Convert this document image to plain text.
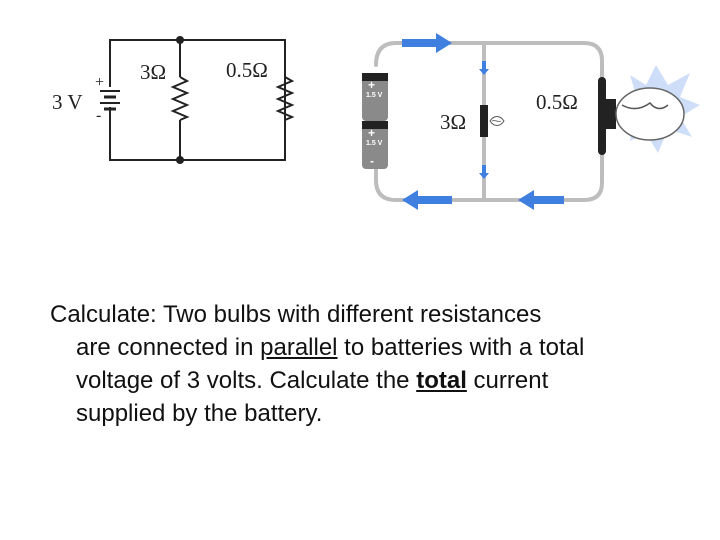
3 V
+
-
3Ω	0.5Ω
1.5 V
1.5 V
+
+
-
3Ω
0.5Ω
Calculate: Two bulbs with different resistances
are connected in parallel to batteries with a total
voltage of 3 volts. Calculate the total current
supplied by the battery.
